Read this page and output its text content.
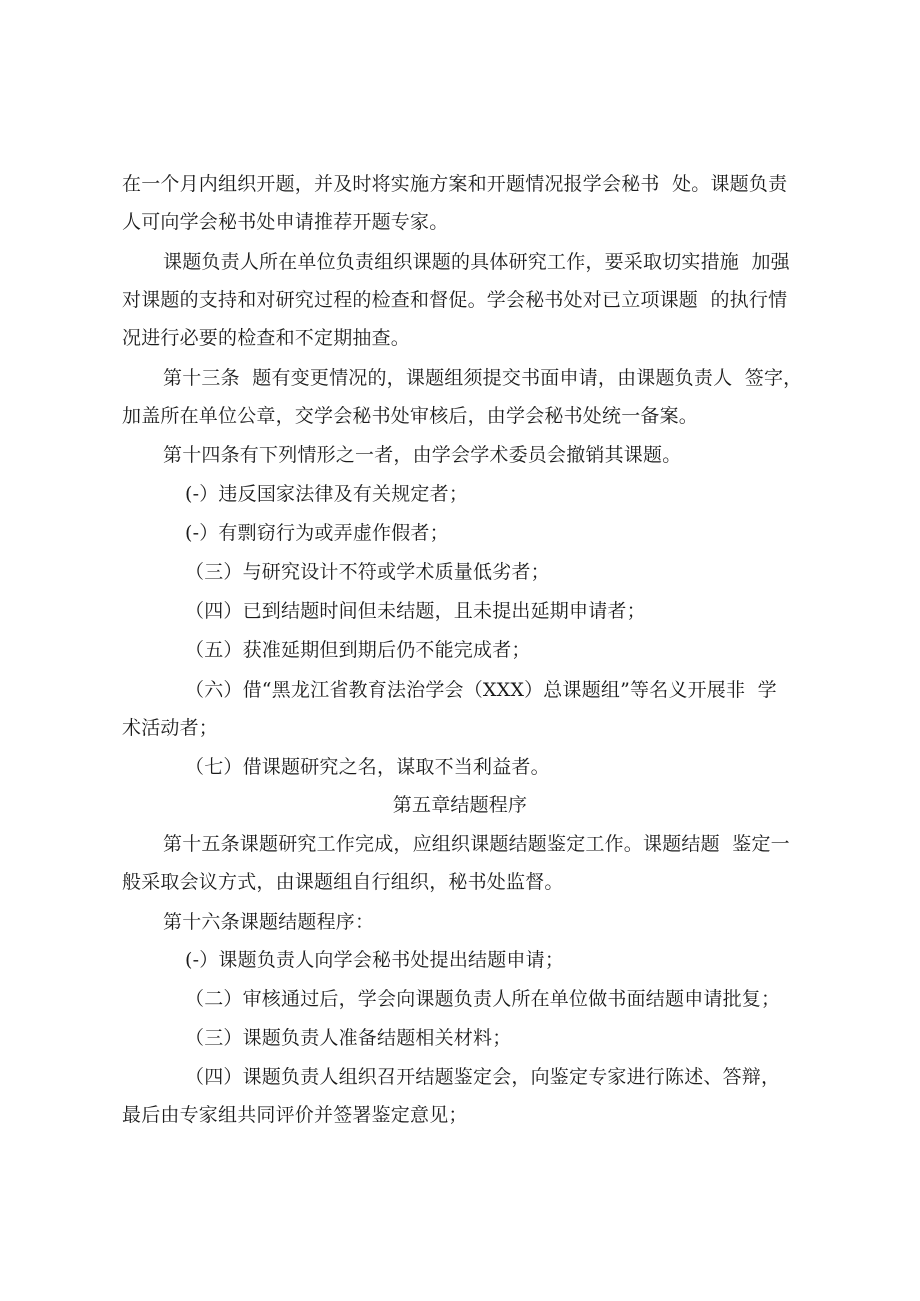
在一个月内组织开题，并及时将实施方案和开题情况报学会秘书  处。课题负责
人可向学会秘书处申请推荐开题专家。
课题负责人所在单位负责组织课题的具体研究工作，要采取切实措施  加强
对课题的支持和对研究过程的检查和督促。学会秘书处对已立项课题  的执行情
况进行必要的检查和不定期抽查。
第十三条  题有变更情况的，课题组须提交书面申请，由课题负责人  签字，
加盖所在单位公章，交学会秘书处审核后，由学会秘书处统一备案。
第十四条有下列情形之一者，由学会学术委员会撤销其课题。
(-）违反国家法律及有关规定者；
(-）有剽窃行为或弄虚作假者；
（三）与研究设计不符或学术质量低劣者；
（四）已到结题时间但未结题，且未提出延期申请者；
（五）获准延期但到期后仍不能完成者；
（六）借“黑龙江省教育法治学会（XXX）总课题组”等名义开展非  学
术活动者；
（七）借课题研究之名，谋取不当利益者。
第五章结题程序
第十五条课题研究工作完成，应组织课题结题鉴定工作。课题结题  鉴定一
般采取会议方式，由课题组自行组织，秘书处监督。
第十六条课题结题程序：
(-）课题负责人向学会秘书处提出结题申请；
（二）审核通过后，学会向课题负责人所在单位做书面结题申请批复；
（三）课题负责人准备结题相关材料；
（四）课题负责人组织召开结题鉴定会，向鉴定专家进行陈述、答辩，
最后由专家组共同评价并签署鉴定意见；
